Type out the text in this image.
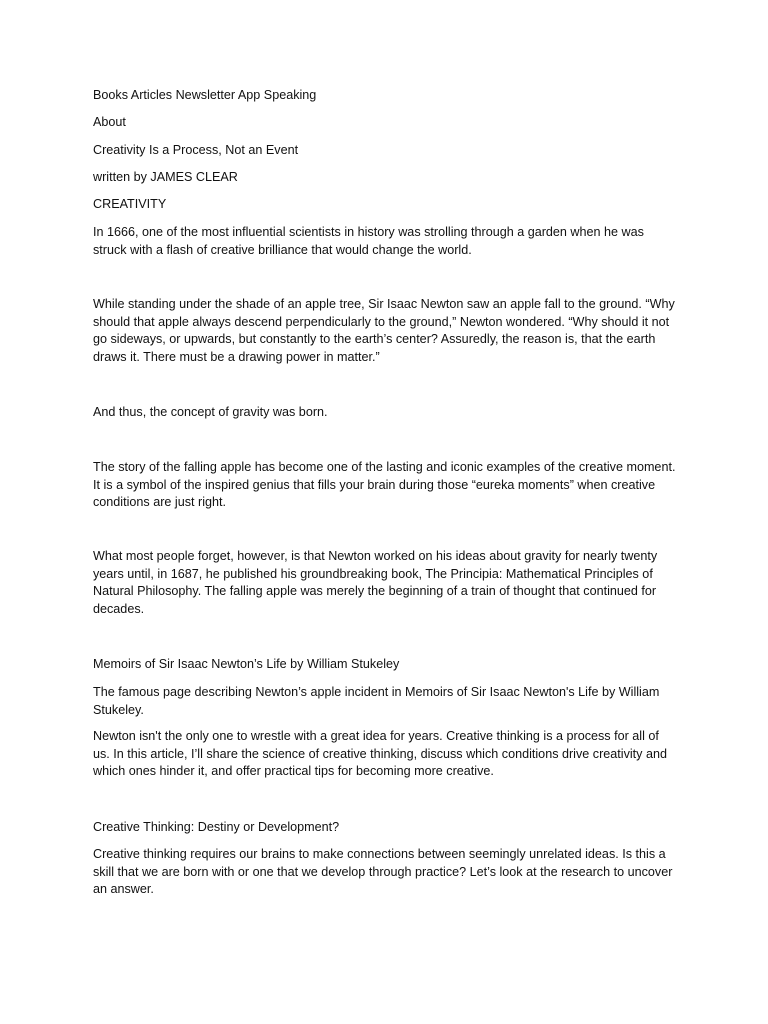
Books Articles Newsletter App Speaking

About

Creativity Is a Process, Not an Event

written by JAMES CLEAR

CREATIVITY

In 1666, one of the most influential scientists in history was strolling through a garden when he was struck with a flash of creative brilliance that would change the world.

While standing under the shade of an apple tree, Sir Isaac Newton saw an apple fall to the ground. “Why should that apple always descend perpendicularly to the ground,” Newton wondered. “Why should it not go sideways, or upwards, but constantly to the earth’s center? Assuredly, the reason is, that the earth draws it. There must be a drawing power in matter.”

And thus, the concept of gravity was born.

The story of the falling apple has become one of the lasting and iconic examples of the creative moment. It is a symbol of the inspired genius that fills your brain during those “eureka moments” when creative conditions are just right.

What most people forget, however, is that Newton worked on his ideas about gravity for nearly twenty years until, in 1687, he published his groundbreaking book, The Principia: Mathematical Principles of Natural Philosophy. The falling apple was merely the beginning of a train of thought that continued for decades.

Memoirs of Sir Isaac Newton’s Life by William Stukeley

The famous page describing Newton’s apple incident in Memoirs of Sir Isaac Newton's Life by William Stukeley.

Newton isn't the only one to wrestle with a great idea for years. Creative thinking is a process for all of us. In this article, I’ll share the science of creative thinking, discuss which conditions drive creativity and which ones hinder it, and offer practical tips for becoming more creative.

Creative Thinking: Destiny or Development?

Creative thinking requires our brains to make connections between seemingly unrelated ideas. Is this a skill that we are born with or one that we develop through practice? Let’s look at the research to uncover an answer.
